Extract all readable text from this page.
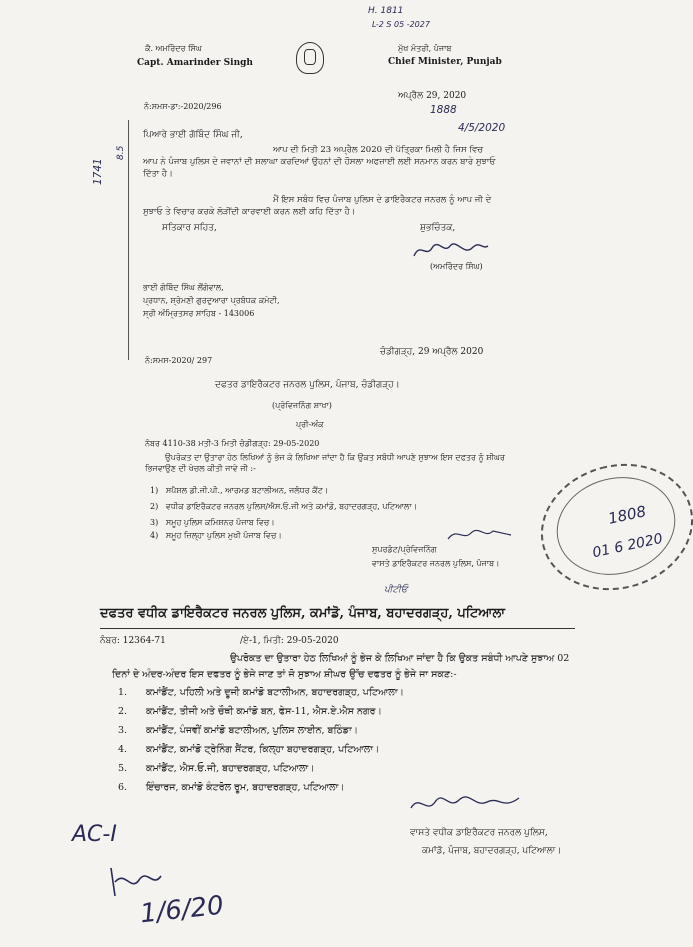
H. 1811
L-2 S 05 -2027
ਕੈ. ਅਮਰਿੰਦਰ ਸਿੰਘ
Capt. Amarinder Singh
ਮੁੱਖ ਮੰਤਰੀ, ਪੰਜਾਬ
Chief Minister, Punjab
ਨੰ:ਸਮਸ-ਡਾ:-2020/296
ਅਪ੍ਰੈਲ 29, 2020
1888
4/5/2020
1741
8.5
ਪਿਆਰੇ ਭਾਈ ਗੋਬਿੰਦ ਸਿੰਘ ਜੀ,
ਆਪ ਦੀ ਮਿਤੀ 23 ਅਪ੍ਰੈਲ 2020 ਦੀ ਪੱਤ੍ਰਿਕਾ ਮਿਲੀ ਹੈ ਜਿਸ ਵਿਚ ਆਪ ਨੇ ਪੰਜਾਬ ਪੁਲਿਸ ਦੇ ਜਵਾਨਾਂ ਦੀ ਸ਼ਲਾਘਾ ਕਰਦਿਆਂ ਉਹਨਾਂ ਦੀ ਹੌਸਲਾ ਅਫਜ਼ਾਈ ਲਈ ਸਨਮਾਨ ਕਰਨ ਬਾਰੇ ਸੁਝਾਓ ਦਿੱਤਾ ਹੈ।
ਮੈਂ ਇਸ ਸਬੰਧ ਵਿਚ ਪੰਜਾਬ ਪੁਲਿਸ ਦੇ ਡਾਇਰੈਕਟਰ ਜਨਰਲ ਨੂੰ ਆਪ ਜੀ ਦੇ ਸੁਝਾਓ ਤੇ ਵਿਚਾਰ ਕਰਕੇ ਲੋੜੀਂਦੀ ਕਾਰਵਾਈ ਕਰਨ ਲਈ ਕਹਿ ਦਿੱਤਾ ਹੈ।
ਸਤਿਕਾਰ ਸਹਿਤ,	ਸ਼ੁਭਚਿੰਤਕ,
(ਅਮਰਿੰਦਰ ਸਿੰਘ)
ਭਾਈ ਗੋਬਿੰਦ ਸਿੰਘ ਲੌਂਗੋਵਾਲ,
ਪ੍ਰਧਾਨ, ਸ਼੍ਰੋਮਣੀ ਗੁਰਦੁਆਰਾ ਪ੍ਰਬੰਧਕ ਕਮੇਟੀ,
ਸ੍ਰੀ ਅੰਮ੍ਰਿਤਸਰ ਸਾਹਿਬ - 143006
ਨੰ:ਸਮਸ-2020/ 297
ਚੰਡੀਗੜ੍ਹ, 29 ਅਪ੍ਰੈਲ 2020
ਦਫਤਰ ਡਾਇਰੈਕਟਰ ਜਨਰਲ ਪੁਲਿਸ, ਪੰਜਾਬ, ਚੰਡੀਗੜ੍ਹ।
(ਪ੍ਰੋਵਿਜਨਿੰਗ ਸ਼ਾਖਾ)
ਪ੍ਰੀ-ਅੰਕ
ਨੰਬਰ 4110-38 ਮਤੀ-3 ਮਿਤੀ ਚੰਡੀਗੜ੍ਹ: 29-05-2020
ਉਪਰੋਕਤ ਦਾ ਉਤਾਰਾ ਹੇਠ ਲਿਖਿਆਂ ਨੂੰ ਭੇਜ ਕੇ ਲਿਖਿਆ ਜਾਂਦਾ ਹੈ ਕਿ ਉਕਤ ਸਬੰਧੀ ਆਪਣੇ ਸੁਝਾਅ ਇਸ ਦਫਤਰ ਨੂੰ ਸ਼ੀਘਰ ਭਿਜਵਾਉਣ ਦੀ ਖੇਚਲ ਕੀਤੀ ਜਾਵੇ ਜੀ :-
1) ਸਪੈਸ਼ਲ ਡੀ.ਜੀ.ਪੀ., ਆਰਮਡ ਬਟਾਲੀਅਨ, ਜਲੰਧਰ ਕੈਂਟ।
2) ਵਧੀਕ ਡਾਇਰੈਕਟਰ ਜਨਰਲ ਪੁਲਿਸ/ਐਸ.ਓ.ਜੀ ਅਤੇ ਕਮਾਂਡੋ, ਬਹਾਦਰਗੜ੍ਹ, ਪਟਿਆਲਾ।
3) ਸਮੂਹ ਪੁਲਿਸ ਕਮਿਸ਼ਨਰ ਪੰਜਾਬ ਵਿਚ।
4) ਸਮੂਹ ਜ਼ਿਲ੍ਹਾ ਪੁਲਿਸ ਮੁਖੀ ਪੰਜਾਬ ਵਿਚ।
ਸੁਪਰਡੰਟ/ਪ੍ਰੋਵਿਜਨਿੰਗ
ਵਾਸਤੇ ਡਾਇਰੈਕਟਰ ਜਨਰਲ ਪੁਲਿਸ, ਪੰਜਾਬ।
1808
01 6 2020
ਪੀਟੀਓ
ਦਫਤਰ ਵਧੀਕ ਡਾਇਰੈਕਟਰ ਜਨਰਲ ਪੁਲਿਸ, ਕਮਾਂਡੋ, ਪੰਜਾਬ, ਬਹਾਦਰਗੜ੍ਹ, ਪਟਿਆਲਾ
ਨੰਬਰ: 12364-71	/ਏ-1, ਮਿਤੀ: 29-05-2020
ਉਪਰੋਕਤ ਦਾ ਉਤਾਰਾ ਹੇਠ ਲਿਖਿਆਂ ਨੂੰ ਭੇਜ ਕੇ ਲਿਖਿਆ ਜਾਂਦਾ ਹੈ ਕਿ ਉਕਤ ਸਬੰਧੀ ਆਪਣੇ ਸੁਝਾਅ 02 ਦਿਨਾਂ ਦੇ ਅੰਦਰ-ਅੰਦਰ ਇਸ ਦਫਤਰ ਨੂੰ ਭੇਜੇ ਜਾਣ ਤਾਂ ਜੋ ਸੁਝਾਅ ਸ਼ੀਘਰ ਉੱਚ ਦਫਤਰ ਨੂੰ ਭੇਜੇ ਜਾ ਸਕਣ:-
1. ਕਮਾਂਡੈਂਟ, ਪਹਿਲੀ ਅਤੇ ਦੂਜੀ ਕਮਾਂਡੋ ਬਟਾਲੀਅਨ, ਬਹਾਦਰਗੜ੍ਹ, ਪਟਿਆਲਾ।
2. ਕਮਾਂਡੈਂਟ, ਤੀਜੀ ਅਤੇ ਚੌਥੀ ਕਮਾਂਡੋ ਬਨ, ਫੇਸ-11, ਐਸ.ਏ.ਐਸ ਨਗਰ।
3. ਕਮਾਂਡੈਂਟ, ਪੰਜਵੀਂ ਕਮਾਂਡੋ ਬਟਾਲੀਅਨ, ਪੁਲਿਸ ਲਾਈਨ, ਬਠਿੰਡਾ।
4. ਕਮਾਂਡੈਂਟ, ਕਮਾਂਡੋ ਟ੍ਰੇਨਿੰਗ ਸੈਂਟਰ, ਕਿਲ੍ਹਾ ਬਹਾਦਰਗੜ੍ਹ, ਪਟਿਆਲਾ।
5. ਕਮਾਂਡੈਂਟ, ਐਸ.ਓ.ਜੀ, ਬਹਾਦਰਗੜ੍ਹ, ਪਟਿਆਲਾ।
6. ਇੰਚਾਰਜ, ਕਮਾਂਡੋ ਕੰਟਰੋਲ ਰੂਮ, ਬਹਾਦਰਗੜ੍ਹ, ਪਟਿਆਲਾ।
ਵਾਸਤੇ ਵਧੀਕ ਡਾਇਰੈਕਟਰ ਜਨਰਲ ਪੁਲਿਸ,
ਕਮਾਂਡੋ, ਪੰਜਾਬ, ਬਹਾਦਰਗੜ੍ਹ, ਪਟਿਆਲਾ।
AC-I
1/6/20
